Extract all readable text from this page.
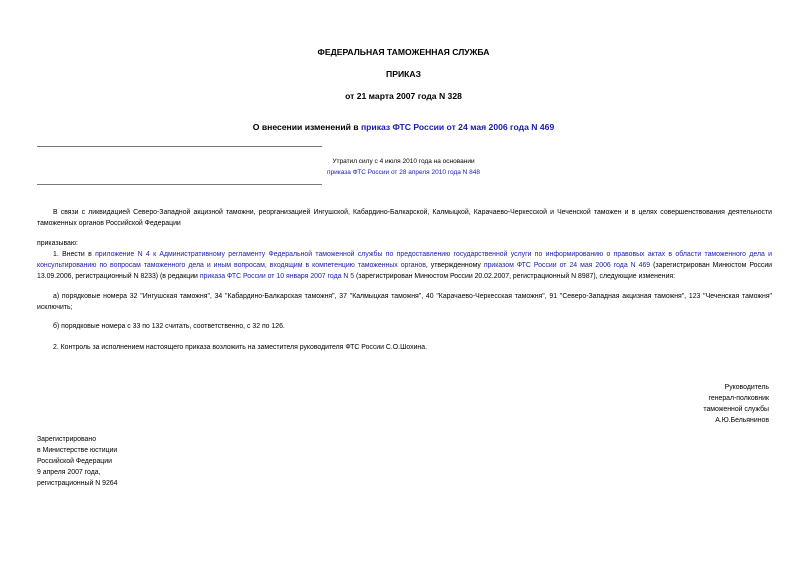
ФЕДЕРАЛЬНАЯ ТАМОЖЕННАЯ СЛУЖБА
ПРИКАЗ
от 21 марта 2007 года N 328
О внесении изменений в приказ ФТС России от 24 мая 2006 года N 469
Утратил силу с 4 июля 2010 года на основании
приказа ФТС России от 28 апреля 2010 года N 848
В связи с ликвидацией Северо-Западной акцизной таможни, реорганизацией Ингушской, Кабардино-Балкарской, Калмыцкой, Карачаево-Черкесской и Чеченской таможен и в целях совершенствования деятельности таможенных органов Российской Федерации
приказываю:
1. Внести в приложение N 4 к Административному регламенту Федеральной таможенной службы по предоставлению государственной услуги по информированию о правовых актах в области таможенного дела и консультированию по вопросам таможенного дела и иным вопросам, входящим в компетенцию таможенных органов, утвержденному приказом ФТС России от 24 мая 2006 года N 469 (зарегистрирован Минюстом России 13.09.2006, регистрационный N 8233) (в редакции приказа ФТС России от 10 января 2007 года N 5 (зарегистрирован Минюстом России 20.02.2007, регистрационный N 8987), следующие изменения:
а) порядковые номера 32 "Ингушская таможня", 34 "Кабардино-Балкарская таможня", 37 "Калмыцкая таможня", 40 "Карачаево-Черкесская таможня", 91 "Северо-Западная акцизная таможня", 123 "Чеченская таможня" исключить;
б) порядковые номера с 33 по 132 считать, соответственно, с 32 по 126.
2. Контроль за исполнением настоящего приказа возложить на заместителя руководителя ФТС России С.О.Шохина.
Руководитель
генерал-полковник
таможенной службы
А.Ю.Бельянинов
Зарегистрировано
в Министерстве юстиции
Российской Федерации
9 апреля 2007 года,
регистрационный N 9264
